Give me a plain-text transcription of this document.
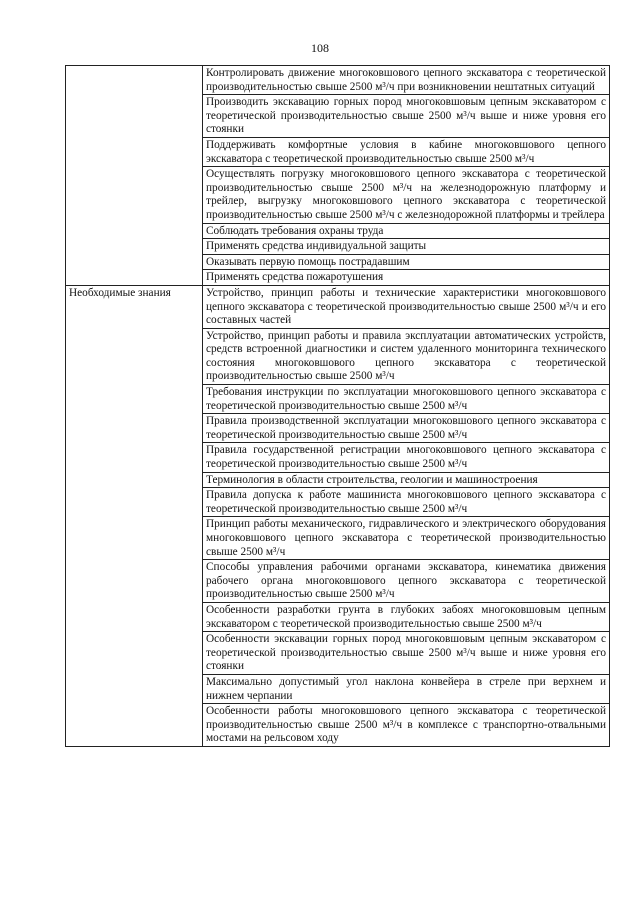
108
	Контролировать движение многоковшового цепного экскаватора с теоретической производительностью свыше 2500 м³/ч при возникновении нештатных ситуаций
	Производить экскавацию горных пород многоковшовым цепным экскаватором с теоретической производительностью свыше 2500 м³/ч выше и ниже уровня его стоянки
	Поддерживать комфортные условия в кабине многоковшового цепного экскаватора с теоретической производительностью свыше 2500 м³/ч
	Осуществлять погрузку многоковшового цепного экскаватора с теоретической производительностью свыше 2500 м³/ч на железнодорожную платформу и трейлер, выгрузку многоковшового цепного экскаватора с теоретической производительностью свыше 2500 м³/ч с железнодорожной платформы и трейлера
	Соблюдать требования охраны труда
	Применять средства индивидуальной защиты
	Оказывать первую помощь пострадавшим
	Применять средства пожаротушения
Необходимые знания	Устройство, принцип работы и технические характеристики многоковшового цепного экскаватора с теоретической производительностью свыше 2500 м³/ч и его составных частей
	Устройство, принцип работы и правила эксплуатации автоматических устройств, средств встроенной диагностики и систем удаленного мониторинга технического состояния многоковшового цепного экскаватора с теоретической производительностью свыше 2500 м³/ч
	Требования инструкции по эксплуатации многоковшового цепного экскаватора с теоретической производительностью свыше 2500 м³/ч
	Правила производственной эксплуатации многоковшового цепного экскаватора с теоретической производительностью свыше 2500 м³/ч
	Правила государственной регистрации многоковшового цепного экскаватора с теоретической производительностью свыше 2500 м³/ч
	Терминология в области строительства, геологии и машиностроения
	Правила допуска к работе машиниста многоковшового цепного экскаватора с теоретической производительностью свыше 2500 м³/ч
	Принцип работы механического, гидравлического и электрического оборудования многоковшового цепного экскаватора с теоретической производительностью свыше 2500 м³/ч
	Способы управления рабочими органами экскаватора, кинематика движения рабочего органа многоковшового цепного экскаватора с теоретической производительностью свыше 2500 м³/ч
	Особенности разработки грунта в глубоких забоях многоковшовым цепным экскаватором с теоретической производительностью свыше 2500 м³/ч
	Особенности экскавации горных пород многоковшовым цепным экскаватором с теоретической производительностью свыше 2500 м³/ч выше и ниже уровня его стоянки
	Максимально допустимый угол наклона конвейера в стреле при верхнем и нижнем черпании
	Особенности работы многоковшового цепного экскаватора с теоретической производительностью свыше 2500 м³/ч в комплексе с транспортно-отвальными мостами на рельсовом ходу
